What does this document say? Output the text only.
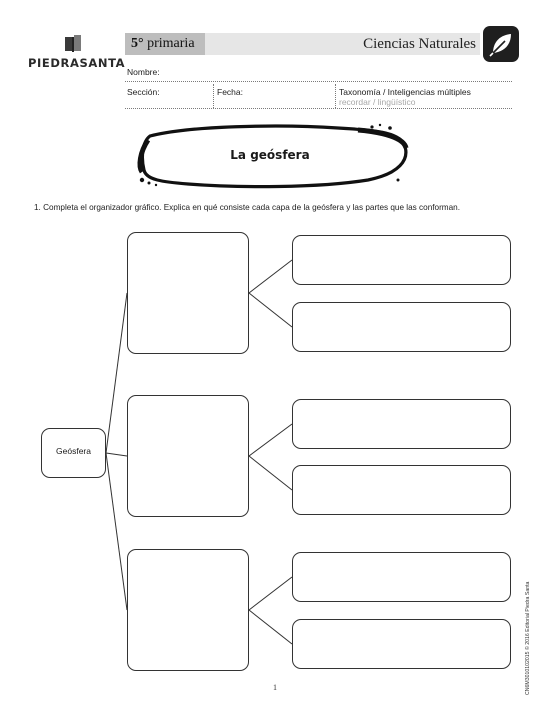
PIEDRASANTA
5° primaria	Ciencias Naturales
Nombre:
Sección:	Fecha:	Taxonomía / Inteligencias múltiples
recordar / lingüístico
La geósfera
1. Completa el organizador gráfico. Explica en qué consiste cada capa de la geósfera y las partes que las conforman.
Geósfera
1	CN6M3010102015 © 2016 Editorial Piedra Santa
